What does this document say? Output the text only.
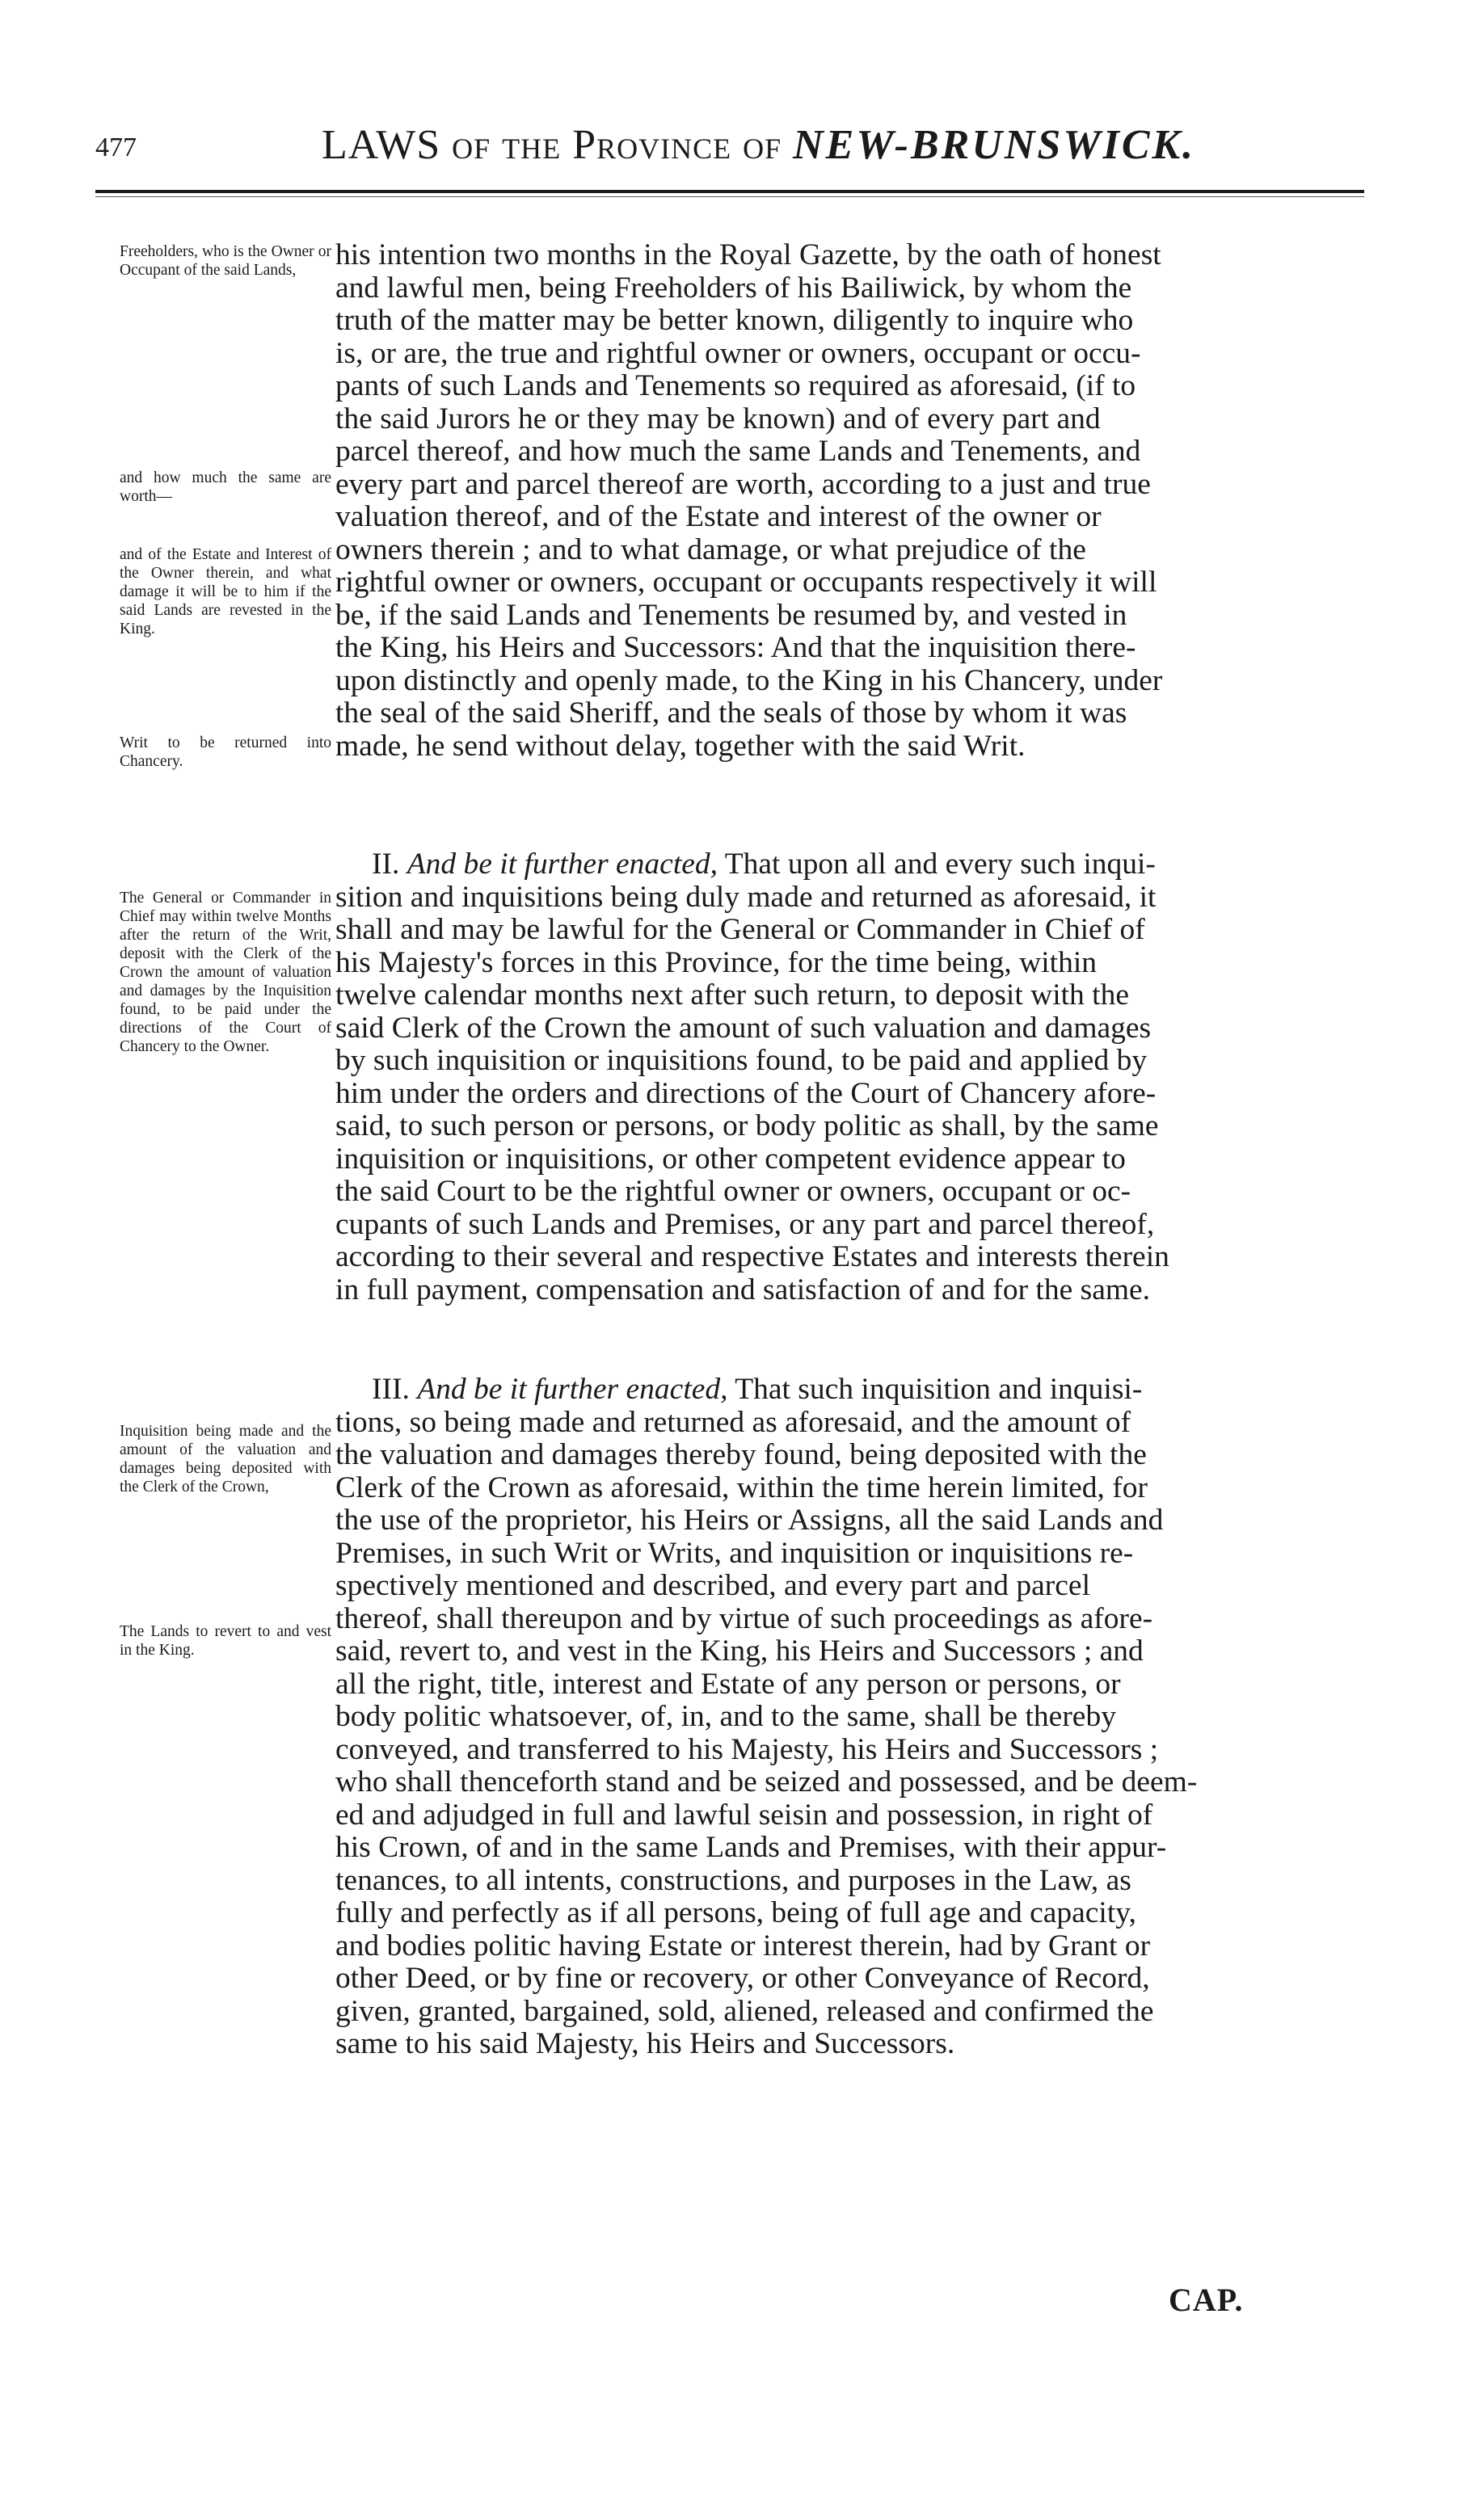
477	LAWS of the Province of NEW-BRUNSWICK.
Freeholders, who is the Owner or Occupant of the said Lands,
and how much the same are worth—
and of the Estate and Interest of the Owner therein, and what damage it will be to him if the said Lands are revested in the King.
Writ to be returned into Chancery.
The General or Commander in Chief may within twelve Months after the return of the Writ, deposit with the Clerk of the Crown the amount of valuation and damages by the Inquisition found, to be paid under the directions of the Court of Chancery to the Owner.
Inquisition being made and the amount of the valuation and damages being deposited with the Clerk of the Crown,
The Lands to revert to and vest in the King.
his intention two months in the Royal Gazette, by the oath of honest
and lawful men, being Freeholders of his Bailiwick, by whom the
truth of the matter may be better known, diligently to inquire who
is, or are, the true and rightful owner or owners, occupant or occu-
pants of such Lands and Tenements so required as aforesaid, (if to
the said Jurors he or they may be known) and of every part and
parcel thereof, and how much the same Lands and Tenements, and
every part and parcel thereof are worth, according to a just and true
valuation thereof, and of the Estate and interest of the owner or
owners therein ; and to what damage, or what prejudice of the
rightful owner or owners, occupant or occupants respectively it will
be, if the said Lands and Tenements be resumed by, and vested in
the King, his Heirs and Successors: And that the inquisition there-
upon distinctly and openly made, to the King in his Chancery, under
the seal of the said Sheriff, and the seals of those by whom it was
made, he send without delay, together with the said Writ.
II. And be it further enacted, That upon all and every such inqui-
sition and inquisitions being duly made and returned as aforesaid, it
shall and may be lawful for the General or Commander in Chief of
his Majesty's forces in this Province, for the time being, within
twelve calendar months next after such return, to deposit with the
said Clerk of the Crown the amount of such valuation and damages
by such inquisition or inquisitions found, to be paid and applied by
him under the orders and directions of the Court of Chancery afore-
said, to such person or persons, or body politic as shall, by the same
inquisition or inquisitions, or other competent evidence appear to
the said Court to be the rightful owner or owners, occupant or oc-
cupants of such Lands and Premises, or any part and parcel thereof,
according to their several and respective Estates and interests therein
in full payment, compensation and satisfaction of and for the same.
III. And be it further enacted, That such inquisition and inquisi-
tions, so being made and returned as aforesaid, and the amount of
the valuation and damages thereby found, being deposited with the
Clerk of the Crown as aforesaid, within the time herein limited, for
the use of the proprietor, his Heirs or Assigns, all the said Lands and
Premises, in such Writ or Writs, and inquisition or inquisitions re-
spectively mentioned and described, and every part and parcel
thereof, shall thereupon and by virtue of such proceedings as afore-
said, revert to, and vest in the King, his Heirs and Successors ; and
all the right, title, interest and Estate of any person or persons, or
body politic whatsoever, of, in, and to the same, shall be thereby
conveyed, and transferred to his Majesty, his Heirs and Successors ;
who shall thenceforth stand and be seized and possessed, and be deem-
ed and adjudged in full and lawful seisin and possession, in right of
his Crown, of and in the same Lands and Premises, with their appur-
tenances, to all intents, constructions, and purposes in the Law, as
fully and perfectly as if all persons, being of full age and capacity,
and bodies politic having Estate or interest therein, had by Grant or
other Deed, or by fine or recovery, or other Conveyance of Record,
given, granted, bargained, sold, aliened, released and confirmed the
same to his said Majesty, his Heirs and Successors.
CAP.
